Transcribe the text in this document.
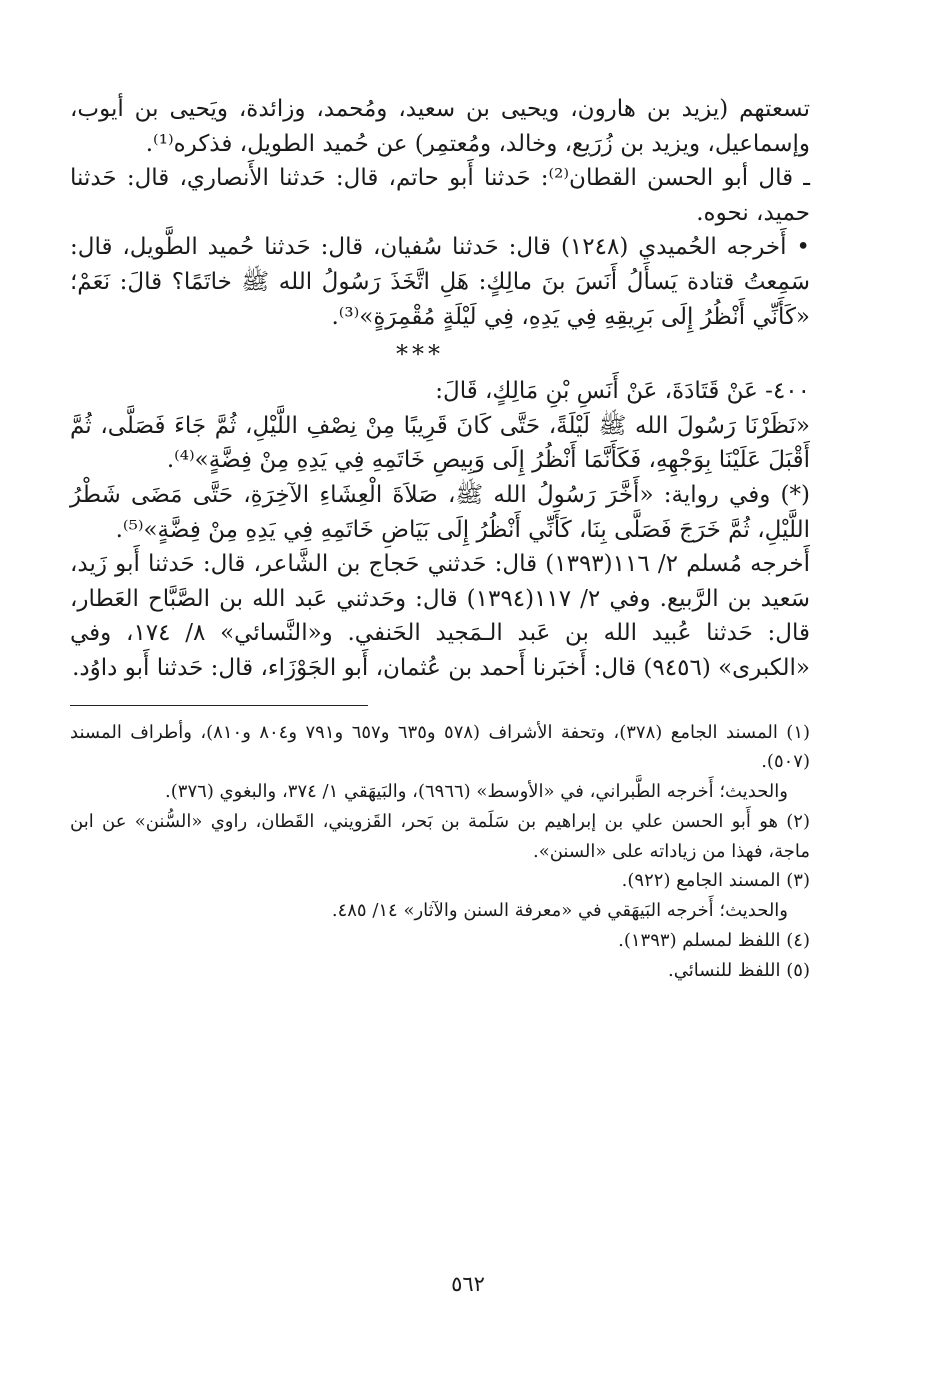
تسعتهم (يزيد بن هارون، ويحيى بن سعيد، ومُحمد، وزائدة، ويَحيى بن أيوب، وإسماعيل، ويزيد بن زُرَيع، وخالد، ومُعتمِر) عن حُميد الطويل، فذكره⁽¹⁾.

ـ قال أبو الحسن القطان⁽²⁾: حَدثنا أَبو حاتم، قال: حَدثنا الأَنصاري، قال: حَدثنا حميد، نحوه.

• أَخرجه الحُميدي (١٢٤٨) قال: حَدثنا سُفيان، قال: حَدثنا حُميد الطَّويل، قال: سَمِعتُ قتادة يَسأَلُ أَنَسَ بنَ مالِكٍ: هَلِ اتَّخَذَ رَسُولُ الله ﷺ خاتَمًا؟ قالَ: نَعَمْ؛ «كَأَنِّي أَنْظُرُ إِلَى بَرِيقِهِ فِي يَدِهِ، فِي لَيْلَةٍ مُقْمِرَةٍ»⁽³⁾.

***

٤٠٠- عَنْ قَتَادَةَ، عَنْ أَنَسِ بْنِ مَالِكٍ، قَالَ:

«نَظَرْنَا رَسُولَ الله ﷺ لَيْلَةً، حَتَّى كَانَ قَرِيبًا مِنْ نِصْفِ اللَّيْلِ، ثُمَّ جَاءَ فَصَلَّى، ثُمَّ أَقْبَلَ عَلَيْنَا بِوَجْهِهِ، فَكَأَنَّمَا أَنْظُرُ إِلَى وَبِيصِ خَاتَمِهِ فِي يَدِهِ مِنْ فِضَّةٍ»⁽⁴⁾.

(*) وفي رواية: «أَخَّرَ رَسُولُ الله ﷺ، صَلاَةَ الْعِشَاءِ الآخِرَةِ، حَتَّى مَضَى شَطْرُ اللَّيْلِ، ثُمَّ خَرَجَ فَصَلَّى بِنَا، كَأَنِّي أَنْظُرُ إِلَى بَيَاضِ خَاتَمِهِ فِي يَدِهِ مِنْ فِضَّةٍ»⁽⁵⁾.

أَخرجه مُسلم ٢/ ١١٦(١٣٩٣) قال: حَدثني حَجاج بن الشَّاعر، قال: حَدثنا أَبو زَيد، سَعيد بن الرَّبيع. وفي ٢/ ١١٧(١٣٩٤) قال: وحَدثني عَبد الله بن الصَّبَّاح العَطار، قال: حَدثنا عُبيد الله بن عَبد الـمَجيد الحَنفي. و«النَّسائي» ٨/ ١٧٤، وفي «الكبرى» (٩٤٥٦) قال: أَخبَرنا أَحمد بن عُثمان، أَبو الجَوْزَاء، قال: حَدثنا أَبو داوُد.

(١) المسند الجامع (٣٧٨)، وتحفة الأشراف (٥٧٨ و٦٣٥ و٦٥٧ و٧٩١ و٨٠٤ و٨١٠)، وأطراف المسند (٥٠٧).

والحديث؛ أَخرجه الطَّبراني، في «الأوسط» (٦٩٦٦)، والبَيهَقي ١/ ٣٧٤، والبغوي (٣٧٦).

(٢) هو أَبو الحسن علي بن إبراهيم بن سَلَمة بن بَحر، القَزويني، القَطان، راوي «السُّنن» عن ابن ماجة، فهذا من زياداته على «السنن».

(٣) المسند الجامع (٩٢٢).

والحديث؛ أَخرجه البَيهَقي في «معرفة السنن والآثار» ١٤/ ٤٨٥.

(٤) اللفظ لمسلم (١٣٩٣).

(٥) اللفظ للنسائي.

٥٦٢
